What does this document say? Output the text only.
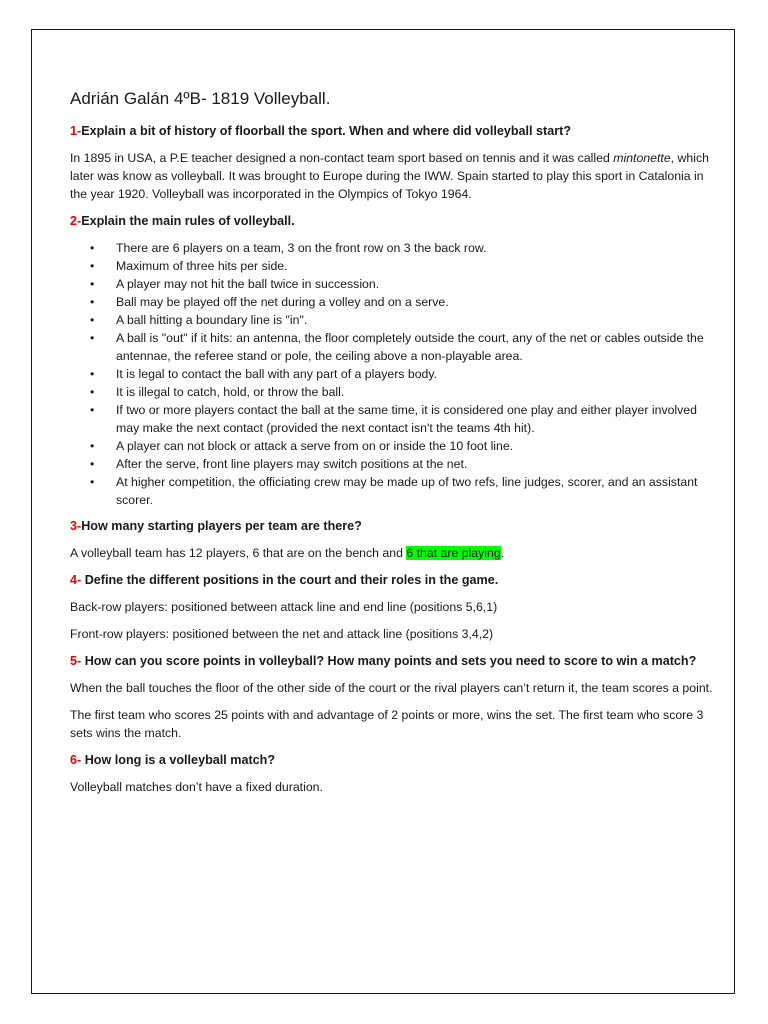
Adrián Galán 4ºB- 1819 Volleyball.

1-Explain a bit of history of floorball the sport. When and where did volleyball start?

In 1895 in USA, a P.E teacher designed a non-contact team sport based on tennis and it was called mintonette, which later was know as volleyball. It was brought to Europe during the IWW. Spain started to play this sport in Catalonia in the year 1920. Volleyball was incorporated in the Olympics of Tokyo 1964.

2-Explain the main rules of volleyball.

• There are 6 players on a team, 3 on the front row on 3 the back row.
• Maximum of three hits per side.
• A player may not hit the ball twice in succession.
• Ball may be played off the net during a volley and on a serve.
• A ball hitting a boundary line is "in".
• A ball is "out" if it hits: an antenna, the floor completely outside the court, any of the net or cables outside the antennae, the referee stand or pole, the ceiling above a non-playable area.
• It is legal to contact the ball with any part of a players body.
• It is illegal to catch, hold, or throw the ball.
• If two or more players contact the ball at the same time, it is considered one play and either player involved may make the next contact (provided the next contact isn't the teams 4th hit).
• A player can not block or attack a serve from on or inside the 10 foot line.
• After the serve, front line players may switch positions at the net.
• At higher competition, the officiating crew may be made up of two refs, line judges, scorer, and an assistant scorer.

3-How many starting players per team are there?

A volleyball team has 12 players, 6 that are on the bench and 6 that are playing.

4- Define the different positions in the court and their roles in the game.

Back-row players: positioned between attack line and end line (positions 5,6,1)

Front-row players: positioned between the net and attack line (positions 3,4,2)

5- How can you score points in volleyball? How many points and sets you need to score to win a match?

When the ball touches the floor of the other side of the court or the rival players can’t return it, the team scores a point.

The first team who scores 25 points with and advantage of 2 points or more, wins the set. The first team who score 3 sets wins the match.

6- How long is a volleyball match?

Volleyball matches don’t have a fixed duration.
